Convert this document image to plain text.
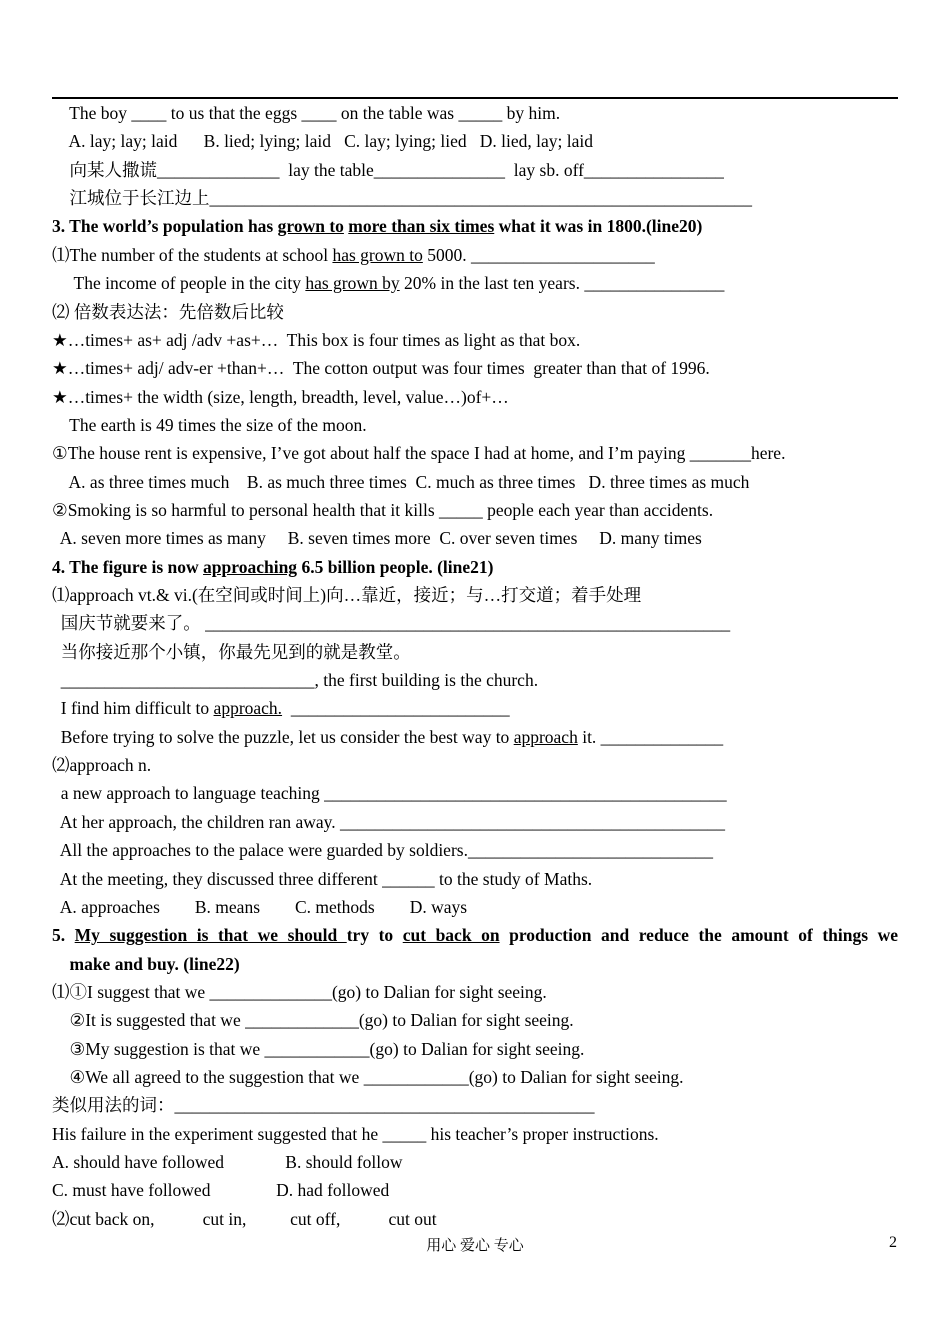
The boy ____ to us that the eggs ____ on the table was _____ by him.
A. lay; lay; laid      B. lied; lying; laid   C. lay; lying; lied   D. lied, lay; laid
向某人撒谎______________  lay the table_______________  lay sb. off________________
江城位于长江边上______________________________________________________________
3. The world’s population has grown to more than six times what it was in 1800.(line20)
⑴The number of the students at school has grown to 5000. _____________________
The income of people in the city has grown by 20% in the last ten years. ________________
⑵ 倍数表达法：先倍数后比较
★…times+ as+ adj /adv +as+…  This box is four times as light as that box.
★…times+ adj/ adv-er +than+…  The cotton output was four times  greater than that of 1996.
★…times+ the width (size, length, breadth, level, value…)of+…
The earth is 49 times the size of the moon.
①The house rent is expensive, I’ve got about half the space I had at home, and I’m paying _______here.
A. as three times much    B. as much three times  C. much as three times   D. three times as much
②Smoking is so harmful to personal health that it kills _____ people each year than accidents.
A. seven more times as many     B. seven times more  C. over seven times     D. many times
4. The figure is now approaching 6.5 billion people. (line21)
⑴approach vt.& vi.(在空间或时间上)向…靠近，接近；与…打交道；着手处理
国庆节就要来了。 ____________________________________________________________
当你接近那个小镇，你最先见到的就是教堂。
_____________________________, the first building is the church.
I find him difficult to approach.  _________________________
Before trying to solve the puzzle, let us consider the best way to approach it. ______________
⑵approach n.
a new approach to language teaching ______________________________________________
At her approach, the children ran away. ____________________________________________
All the approaches to the palace were guarded by soldiers.____________________________
At the meeting, they discussed three different ______ to the study of Maths.
A. approaches        B. means        C. methods        D. ways
5. My suggestion is that we should try to cut back on production and reduce the amount of things we
make and buy. (line22)
⑴①I suggest that we ______________(go) to Dalian for sight seeing.
②It is suggested that we _____________(go) to Dalian for sight seeing.
③My suggestion is that we ____________(go) to Dalian for sight seeing.
④We all agreed to the suggestion that we ____________(go) to Dalian for sight seeing.
类似用法的词：________________________________________________
His failure in the experiment suggested that he _____ his teacher’s proper instructions.
A. should have followed              B. should follow
C. must have followed               D. had followed
⑵cut back on,           cut in,          cut off,           cut out
用心 爱心 专心	2
